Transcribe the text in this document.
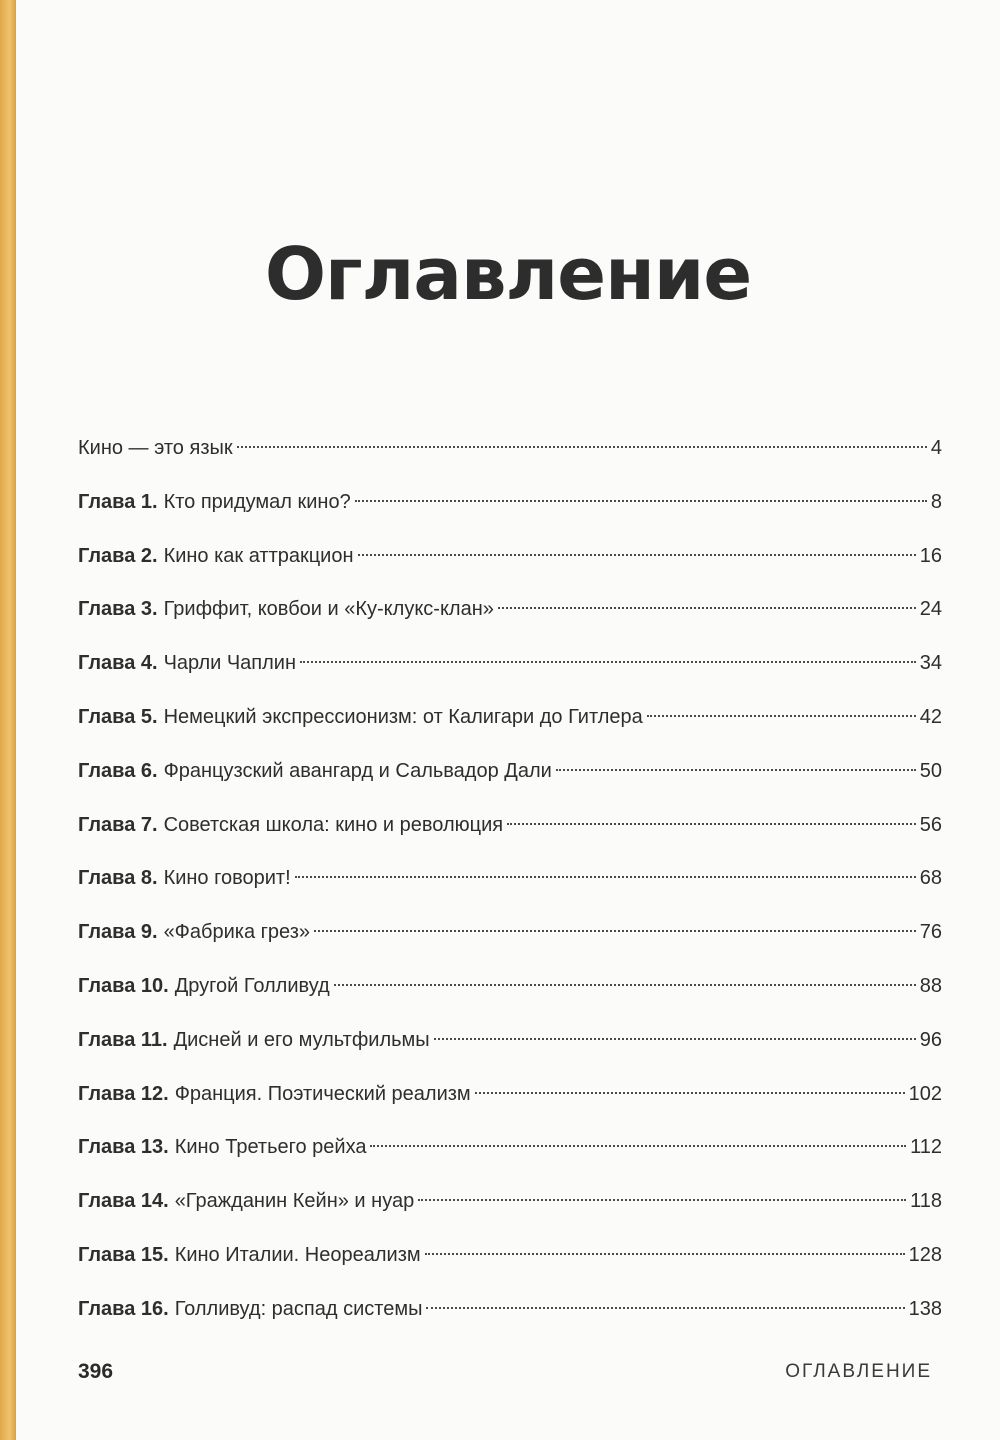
Оглавление
Кино — это язык	4
Глава 1. Кто придумал кино?	8
Глава 2. Кино как аттракцион	16
Глава 3. Гриффит, ковбои и «Ку-клукс-клан»	24
Глава 4. Чарли Чаплин	34
Глава 5. Немецкий экспрессионизм: от Калигари до Гитлера	42
Глава 6. Французский авангард и Сальвадор Дали	50
Глава 7. Советская школа: кино и революция	56
Глава 8. Кино говорит!	68
Глава 9. «Фабрика грез»	76
Глава 10. Другой Голливуд	88
Глава 11. Дисней и его мультфильмы	96
Глава 12. Франция. Поэтический реализм	102
Глава 13. Кино Третьего рейха	112
Глава 14. «Гражданин Кейн» и нуар	118
Глава 15. Кино Италии. Неореализм	128
Глава 16. Голливуд: распад системы	138
396	ОГЛАВЛЕНИЕ
